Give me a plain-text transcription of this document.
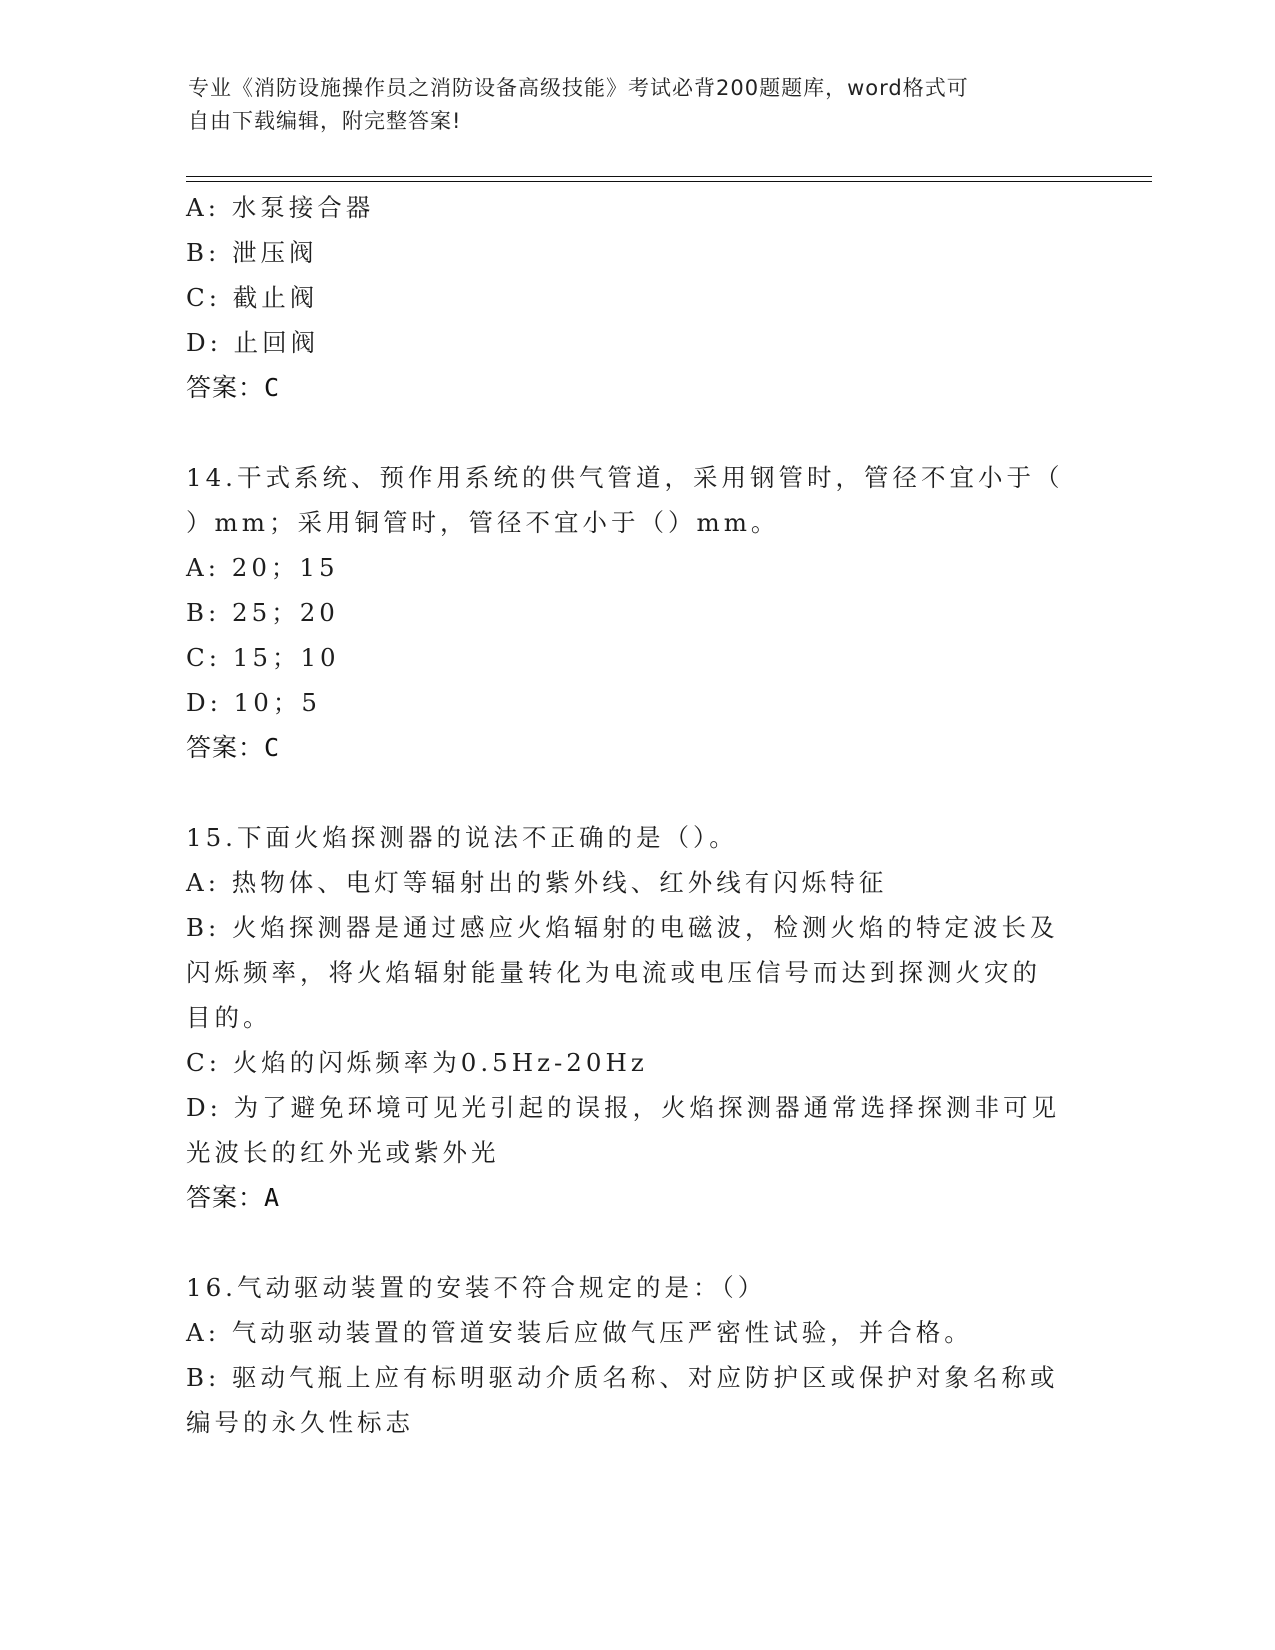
专业《消防设施操作员之消防设备高级技能》考试必背200题题库，word格式可
自由下载编辑，附完整答案!
A: 水泵接合器
B: 泄压阀
C: 截止阀
D: 止回阀
答案：C
14.干式系统、预作用系统的供气管道，采用钢管时，管径不宜小于（
）mm；采用铜管时，管径不宜小于（）mm。
A: 20；15
B: 25；20
C: 15；10
D: 10；5
答案：C
15.下面火焰探测器的说法不正确的是（）。
A: 热物体、电灯等辐射出的紫外线、红外线有闪烁特征
B: 火焰探测器是通过感应火焰辐射的电磁波，检测火焰的特定波长及
闪烁频率，将火焰辐射能量转化为电流或电压信号而达到探测火灾的
目的。
C: 火焰的闪烁频率为0.5Hz-20Hz
D: 为了避免环境可见光引起的误报，火焰探测器通常选择探测非可见
光波长的红外光或紫外光
答案：A
16.气动驱动装置的安装不符合规定的是：（）
A: 气动驱动装置的管道安装后应做气压严密性试验，并合格。
B: 驱动气瓶上应有标明驱动介质名称、对应防护区或保护对象名称或
编号的永久性标志
